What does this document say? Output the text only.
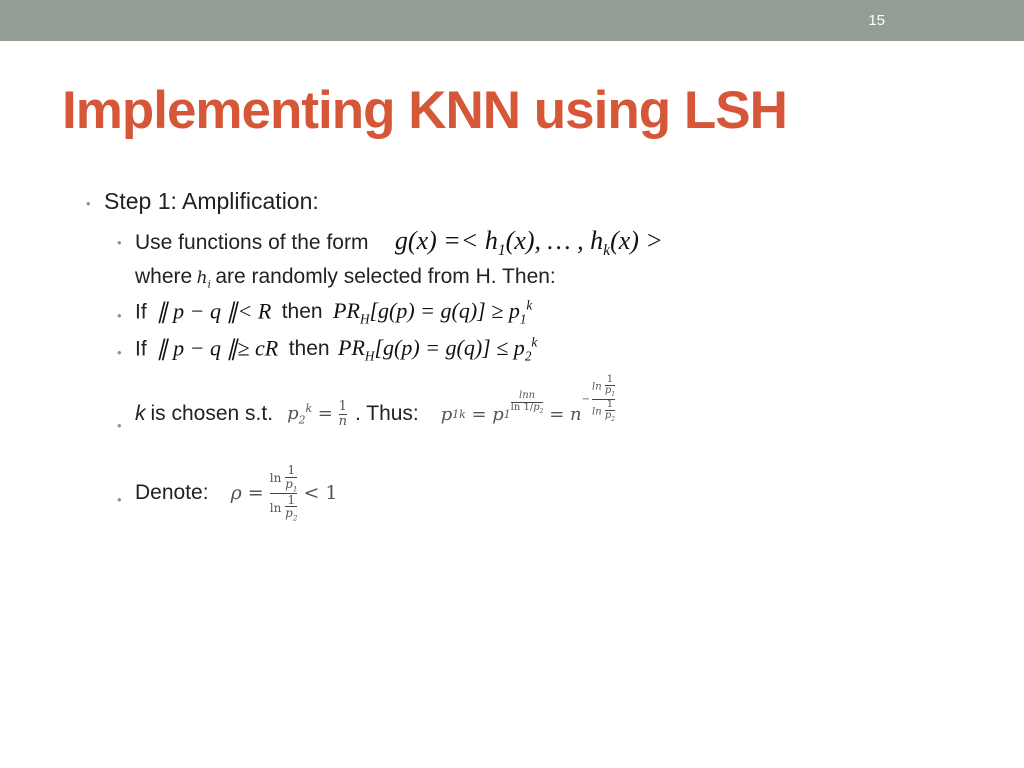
15
Implementing KNN using LSH
• Step 1: Amplification:
• Use functions of the form $g(x) =< h_1(x)$, … , $h_k(x)$ >
where $h_i$ are randomly selected from H. Then:
• If  ∥ p − q ∥< R then $PR_H[g(p) = g(q)] \ge p_1^k$
• If  ∥ p − q ∥≥ cR then $PR_H[g(p) = g(q)] \le p_2^k$
•
k is chosen s.t. $p_2^k = \frac{1}{n}$ . Thus: p 1 k
= p $1 \frac{\ln n}{\ln 1/p_2}$
= n
− $\frac{\ln \frac{1}{p_1}}{\ln \frac{1}{p_2}}$
• Denote: ρ =
$\frac{\ln \frac{1}{p_1}}{\ln \frac{1}{p_2}}$
< 1
